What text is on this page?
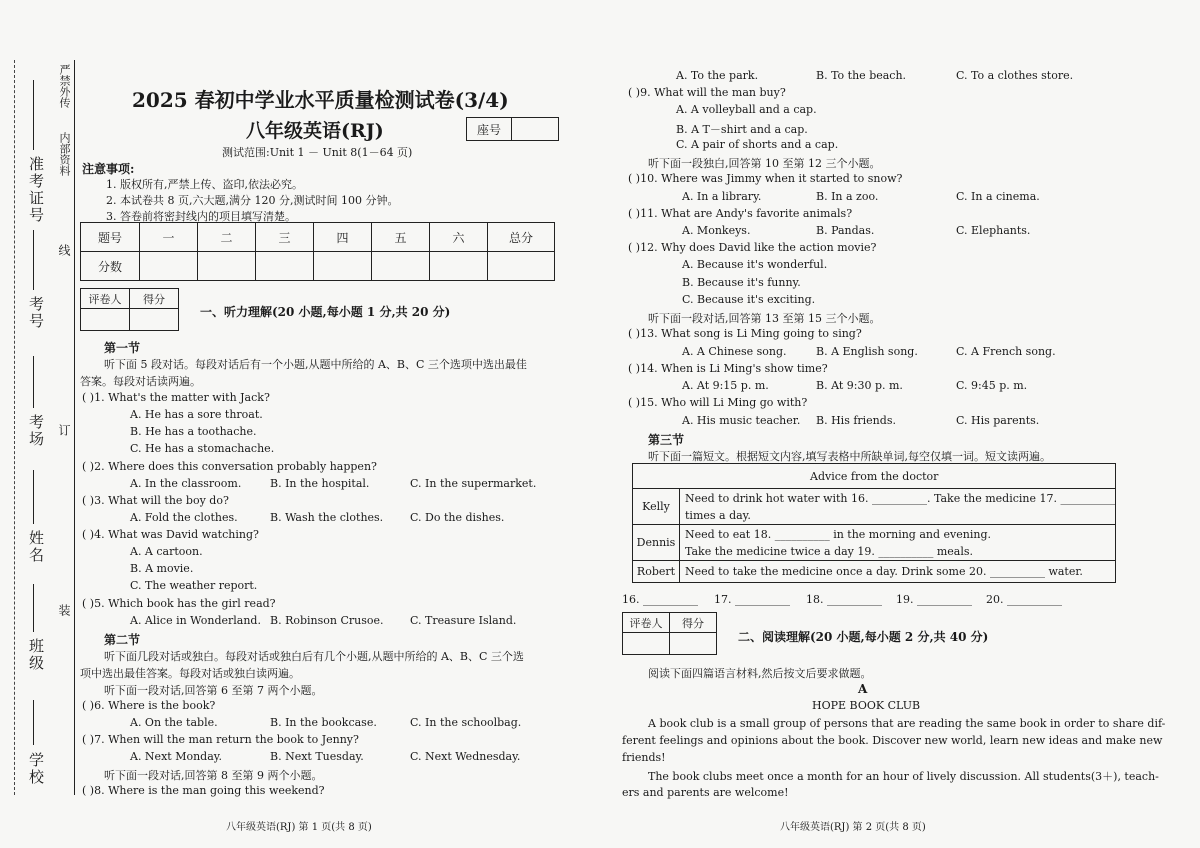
严禁外传
内部资料
学校
班级
姓名
考场
考号
准考证号
装
订
线
2025 春初中学业水平质量检测试卷(3/4)
八年级英语(RJ)	座号	
测试范围:Unit 1 － Unit 8(1－64 页)
注意事项:
1. 版权所有,严禁上传、盗印,依法必究。
2. 本试卷共 8 页,六大题,满分 120 分,测试时间 100 分钟。
3. 答卷前将密封线内的项目填写清楚。
题号	一	二	三	四	五	六	总分
分数							
评卷人	得分

一、听力理解(20 小题,每小题 1 分,共 20 分)
第一节
听下面 5 段对话。每段对话后有一个小题,从题中所给的 A、B、C 三个选项中选出最佳
答案。每段对话读两遍。
( )1. What's the matter with Jack?
A. He has a sore throat.
B. He has a toothache.
C. He has a stomachache.
( )2. Where does this conversation probably happen?
A. In the classroom.	B. In the hospital.	C. In the supermarket.
( )3. What will the boy do?
A. Fold the clothes.	B. Wash the clothes. C. Do the dishes.
( )4. What was David watching?
A. A cartoon.
B. A movie.
C. The weather report.
( )5. Which book has the girl read?
A. Alice in Wonderland. B. Robinson Crusoe. C. Treasure Island.
第二节
听下面几段对话或独白。每段对话或独白后有几个小题,从题中所给的 A、B、C 三个选
项中选出最佳答案。每段对话或独白读两遍。
听下面一段对话,回答第 6 至第 7 两个小题。
( )6. Where is the book?
A. On the table.	B. In the bookcase.	C. In the schoolbag.
( )7. When will the man return the book to Jenny?
A. Next Monday.	B. Next Tuesday.	C. Next Wednesday.
听下面一段对话,回答第 8 至第 9 两个小题。
( )8. Where is the man going this weekend?
八年级英语(RJ) 第 1 页(共 8 页)
A. To the park.	B. To the beach.	C. To a clothes store.
( )9. What will the man buy?
A. A volleyball and a cap.
B. A T－shirt and a cap.
C. A pair of shorts and a cap.
听下面一段独白,回答第 10 至第 12 三个小题。
( )10. Where was Jimmy when it started to snow?
A. In a library.	B. In a zoo.	C. In a cinema.
( )11. What are Andy's favorite animals?
A. Monkeys.	B. Pandas.	C. Elephants.
( )12. Why does David like the action movie?
A. Because it's wonderful.
B. Because it's funny.
C. Because it's exciting.
听下面一段对话,回答第 13 至第 15 三个小题。
( )13. What song is Li Ming going to sing?
A. A Chinese song.	B. A English song.	C. A French song.
( )14. When is Li Ming's show time?
A. At 9:15 p. m.	B. At 9:30 p. m.	C. 9:45 p. m.
( )15. Who will Li Ming go with?
A. His music teacher. B. His friends.	C. His parents.
第三节
听下面一篇短文。根据短文内容,填写表格中所缺单词,每空仅填一词。短文读两遍。
Advice from the doctor	
Kelly	Need to drink hot water with 16. __________. Take the medicine 17. __________
times a day.

Dennis	Need to eat 18. __________ in the morning and evening.
Take the medicine twice a day 19. __________ meals.

Robert	Need to take the medicine once a day. Drink some 20. __________ water.
16. __________ 17. __________ 18. __________ 19. __________ 20. __________
评卷人	得分

二、阅读理解(20 小题,每小题 2 分,共 40 分)
阅读下面四篇语言材料,然后按文后要求做题。
A
HOPE BOOK CLUB
A book club is a small group of persons that are reading the same book in order to share dif-
ferent feelings and opinions about the book. Discover new world, learn new ideas and make new
friends!
The book clubs meet once a month for an hour of lively discussion. All students(3＋), teach-
ers and parents are welcome!
八年级英语(RJ) 第 2 页(共 8 页)
